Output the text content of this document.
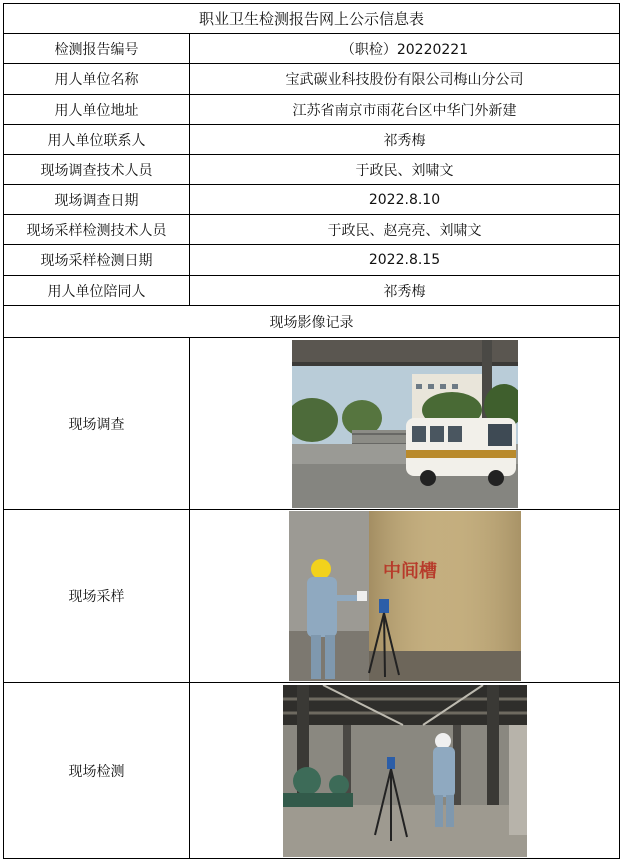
职业卫生检测报告网上公示信息表
检测报告编号	（职检）20220221
用人单位名称	宝武碳业科技股份有限公司梅山分公司
用人单位地址	江苏省南京市雨花台区中华门外新建
用人单位联系人	祁秀梅
现场调查技术人员	于政民、刘啸文
现场调查日期	2022.8.10
现场采样检测技术人员	于政民、赵亮亮、刘啸文
现场采样检测日期	2022.8.15
用人单位陪同人	祁秀梅
现场影像记录
现场调查
现场采样
中间槽
现场检测
